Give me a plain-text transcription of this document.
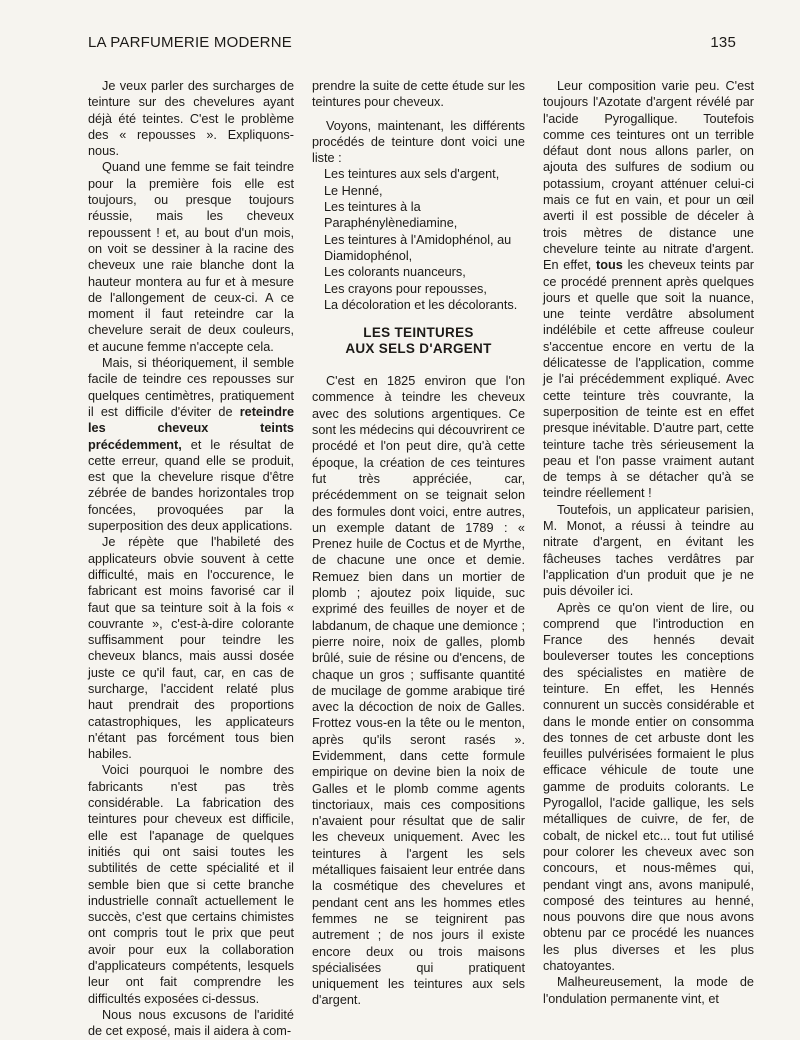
LA PARFUMERIE MODERNE	135

Je veux parler des surcharges de teinture sur des chevelures ayant déjà été teintes. C'est le problème des « repousses ». Expliquons-nous.

Quand une femme se fait teindre pour la première fois elle est toujours, ou presque toujours réussie, mais les cheveux repoussent ! et, au bout d'un mois, on voit se dessiner à la racine des cheveux une raie blanche dont la hauteur montera au fur et à mesure de l'allongement de ceux-ci. A ce moment il faut reteindre car la chevelure serait de deux couleurs, et aucune femme n'accepte cela.

Mais, si théoriquement, il semble facile de teindre ces repousses sur quelques centimètres, pratiquement il est difficile d'éviter de reteindre les cheveux teints précédemment, et le résultat de cette erreur, quand elle se produit, est que la chevelure risque d'être zébrée de bandes horizontales trop foncées, provoquées par la superposition des deux applications.

Je répète que l'habileté des applicateurs obvie souvent à cette difficulté, mais en l'occurence, le fabricant est moins favorisé car il faut que sa teinture soit à la fois « couvrante », c'est-à-dire colorante suffisamment pour teindre les cheveux blancs, mais aussi dosée juste ce qu'il faut, car, en cas de surcharge, l'accident relaté plus haut prendrait des proportions catastrophiques, les applicateurs n'étant pas forcément tous bien habiles.

Voici pourquoi le nombre des fabricants n'est pas très considérable. La fabrication des teintures pour cheveux est difficile, elle est l'apanage de quelques initiés qui ont saisi toutes les subtilités de cette spécialité et il semble bien que si cette branche industrielle connaît actuellement le succès, c'est que certains chimistes ont compris tout le prix que peut avoir pour eux la collaboration d'applicateurs compétents, lesquels leur ont fait comprendre les difficultés exposées ci-dessus.

Nous nous excusons de l'aridité de cet exposé, mais il aidera à com-

prendre la suite de cette étude sur les teintures pour cheveux.

Voyons, maintenant, les différents procédés de teinture dont voici une liste :

Les teintures aux sels d'argent,

Le Henné,

Les teintures à la Paraphénylènediamine,

Les teintures à l'Amidophénol, au Diamidophénol,

Les colorants nuanceurs,

Les crayons pour repousses,

La décoloration et les décolorants.

LES TEINTURES
AUX SELS D'ARGENT

C'est en 1825 environ que l'on commence à teindre les cheveux avec des solutions argentiques. Ce sont les médecins qui découvrirent ce procédé et l'on peut dire, qu'à cette époque, la création de ces teintures fut très appréciée, car, précédemment on se teignait selon des formules dont voici, entre autres, un exemple datant de 1789 : « Prenez huile de Coctus et de Myrthe, de chacune une once et demie. Remuez bien dans un mortier de plomb ; ajoutez poix liquide, suc exprimé des feuilles de noyer et de labdanum, de chaque une demionce ; pierre noire, noix de galles, plomb brûlé, suie de résine ou d'encens, de chaque un gros ; suffisante quantité de mucilage de gomme arabique tiré avec la décoction de noix de Galles. Frottez vous-en la tête ou le menton, après qu'ils seront rasés ». Evidemment, dans cette formule empirique on devine bien la noix de Galles et le plomb comme agents tinctoriaux, mais ces compositions n'avaient pour résultat que de salir les cheveux uniquement. Avec les teintures à l'argent les sels métalliques faisaient leur entrée dans la cosmétique des chevelures et pendant cent ans les hommes etles femmes ne se teignirent pas autrement ; de nos jours il existe encore deux ou trois maisons spécialisées qui pratiquent uniquement les teintures aux sels d'argent.

Leur composition varie peu. C'est toujours l'Azotate d'argent révélé par l'acide Pyrogallique. Toutefois comme ces teintures ont un terrible défaut dont nous allons parler, on ajouta des sulfures de sodium ou potassium, croyant atténuer celui-ci mais ce fut en vain, et pour un œil averti il est possible de déceler à trois mètres de distance une chevelure teinte au nitrate d'argent. En effet, tous les cheveux teints par ce procédé prennent après quelques jours et quelle que soit la nuance, une teinte verdâtre absolument indélébile et cette affreuse couleur s'accentue encore en vertu de la délicatesse de l'application, comme je l'ai précédemment expliqué. Avec cette teinture très couvrante, la superposition de teinte est en effet presque inévitable. D'autre part, cette teinture tache très sérieusement la peau et l'on passe vraiment autant de temps à se détacher qu'à se teindre réellement !

Toutefois, un applicateur parisien, M. Monot, a réussi à teindre au nitrate d'argent, en évitant les fâcheuses taches verdâtres par l'application d'un produit que je ne puis dévoiler ici.

Après ce qu'on vient de lire, ou comprend que l'introduction en France des hennés devait bouleverser toutes les conceptions des spécialistes en matière de teinture. En effet, les Hennés connurent un succès considérable et dans le monde entier on consomma des tonnes de cet arbuste dont les feuilles pulvérisées formaient le plus efficace véhicule de toute une gamme de produits colorants. Le Pyrogallol, l'acide gallique, les sels métalliques de cuivre, de fer, de cobalt, de nickel etc... tout fut utilisé pour colorer les cheveux avec son concours, et nous-mêmes qui, pendant vingt ans, avons manipulé, composé des teintures au henné, nous pouvons dire que nous avons obtenu par ce procédé les nuances les plus diverses et les plus chatoyantes.

Malheureusement, la mode de l'ondulation permanente vint, et
